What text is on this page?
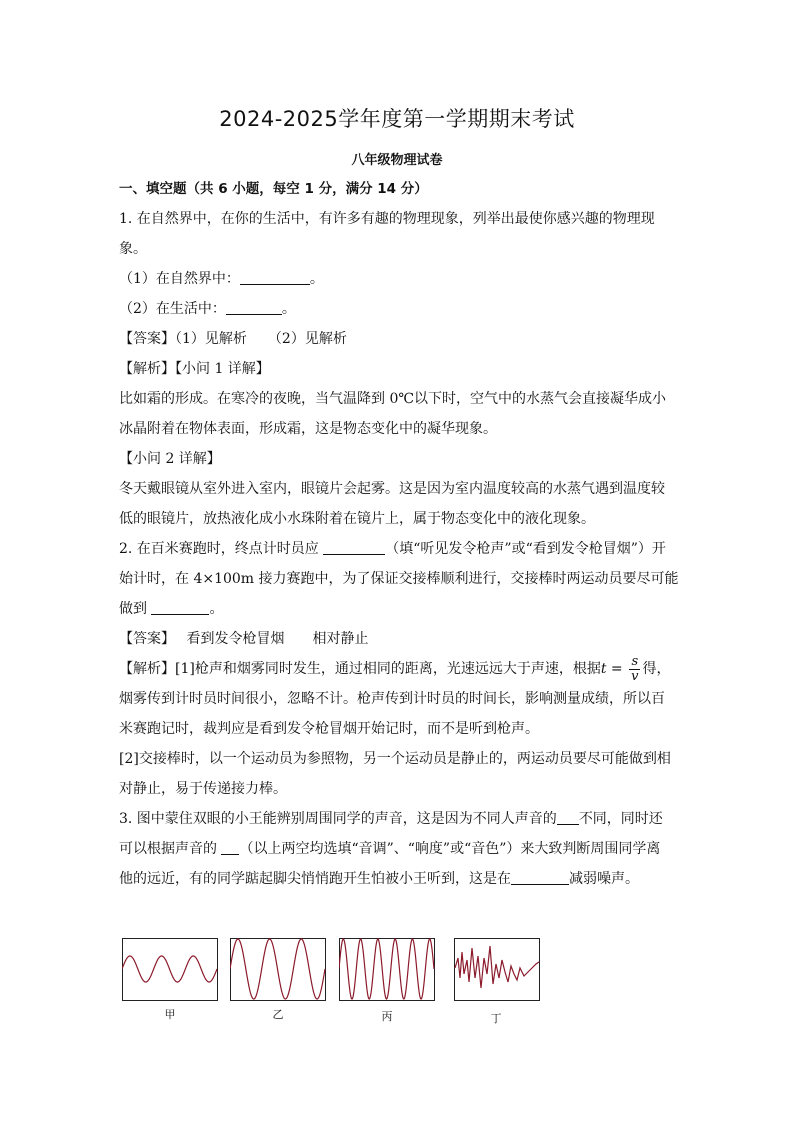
2024-2025学年度第一学期期末考试
八年级物理试卷
一、填空题（共 6 小题，每空 1 分，满分 14 分）
1. 在自然界中，在你的生活中，有许多有趣的物理现象，列举出最使你感兴趣的物理现
象。
（1）在自然界中：	。
（2）在生活中：	。
【答案】（1）见解析　　（2）见解析
【解析】【小问 1 详解】
比如霜的形成。在寒冷的夜晚，当气温降到 0℃以下时，空气中的水蒸气会直接凝华成小
冰晶附着在物体表面，形成霜，这是物态变化中的凝华现象。
【小问 2 详解】
冬天戴眼镜从室外进入室内，眼镜片会起雾。这是因为室内温度较高的水蒸气遇到温度较
低的眼镜片，放热液化成小水珠附着在镜片上，属于物态变化中的液化现象。
2. 在百米赛跑时，终点计时员应	（填“听见发令枪声”或“看到发令枪冒烟”）开
始计时，在 4×100m 接力赛跑中，为了保证交接棒顺利进行，交接棒时两运动员要尽可能
做到	。
【答案】　 看到发令枪冒烟　　相对静止
【解析】[1]枪声和烟雾同时发生，通过相同的距离，光速远远大于声速，根据$t = \frac{s}{v}$ 得，
烟雾传到计时员时间很小，忽略不计。枪声传到计时员的时间长，影响测量成绩，所以百
米赛跑记时，裁判应是看到发令枪冒烟开始记时，而不是听到枪声。
[2]交接棒时，以一个运动员为参照物，另一个运动员是静止的，两运动员要尽可能做到相
对静止，易于传递接力棒。
3. 图中蒙住双眼的小王能辨别周围同学的声音，这是因为不同人声音的 不同，同时还
可以根据声音的 （以上两空均选填“音调”、“响度”或“音色”）来大致判断周围同学离
他的远近，有的同学踮起脚尖悄悄跑开生怕被小王听到，这是在	减弱噪声。
甲	乙	丙	丁
